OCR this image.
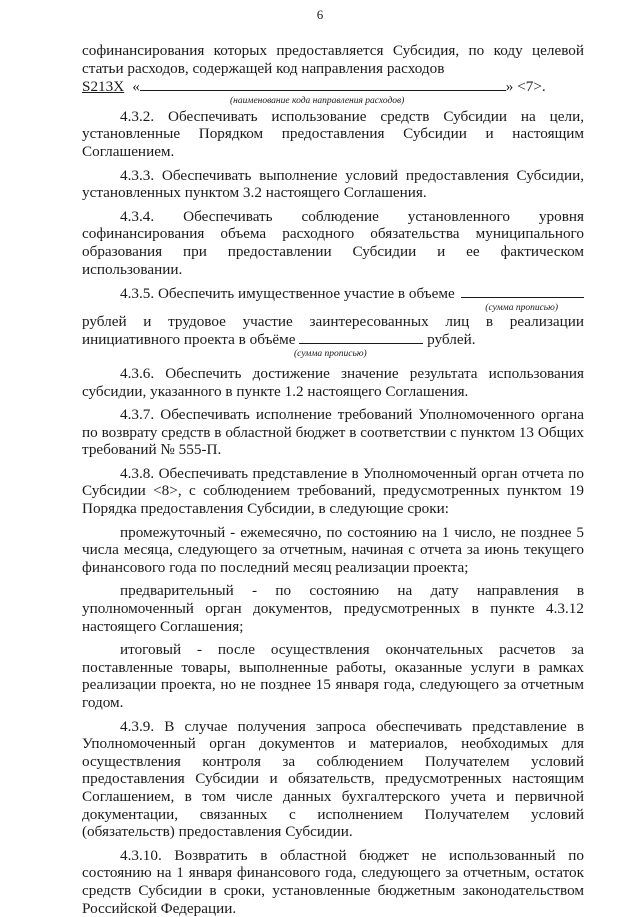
6

софинансирования которых предоставляется Субсидия, по коду целевой статьи расходов, содержащей код направления расходов

S213X «	» <7>.
(наименование кода направления расходов)

4.3.2. Обеспечивать использование средств Субсидии на цели, установленные Порядком предоставления Субсидии и настоящим Соглашением.

4.3.3. Обеспечивать выполнение условий предоставления Субсидии, установленных пунктом 3.2 настоящего Соглашения.

4.3.4. Обеспечивать соблюдение установленного уровня софинансирования объема расходного обязательства муниципального образования при предоставлении Субсидии и ее фактическом использовании.

4.3.5. Обеспечить имущественное участие в объеме
(сумма прописью)

рублей и трудовое участие заинтересованных лиц в реализации инициативного проекта в объёме	рублей.

(сумма прописью)

4.3.6. Обеспечить достижение значение результата использования субсидии, указанного в пункте 1.2 настоящего Соглашения.

4.3.7. Обеспечивать исполнение требований Уполномоченного органа по возврату средств в областной бюджет в соответствии с пунктом 13 Общих требований № 555-П.

4.3.8. Обеспечивать представление в Уполномоченный орган отчета по Субсидии <8>, с соблюдением требований, предусмотренных пунктом 19 Порядка предоставления Субсидии, в следующие сроки:

промежуточный - ежемесячно, по состоянию на 1 число, не позднее 5 числа месяца, следующего за отчетным, начиная с отчета за июнь текущего финансового года по последний месяц реализации проекта;

предварительный - по состоянию на дату направления в уполномоченный орган документов, предусмотренных в пункте 4.3.12 настоящего Соглашения;

итоговый - после осуществления окончательных расчетов за поставленные товары, выполненные работы, оказанные услуги в рамках реализации проекта, но не позднее 15 января года, следующего за отчетным годом.

4.3.9. В случае получения запроса обеспечивать представление в Уполномоченный орган документов и материалов, необходимых для осуществления контроля за соблюдением Получателем условий предоставления Субсидии и обязательств, предусмотренных настоящим Соглашением, в том числе данных бухгалтерского учета и первичной документации, связанных с исполнением Получателем условий (обязательств) предоставления Субсидии.

4.3.10. Возвратить в областной бюджет не использованный по состоянию на 1 января финансового года, следующего за отчетным, остаток средств Субсидии в сроки, установленные бюджетным законодательством Российской Федерации.
